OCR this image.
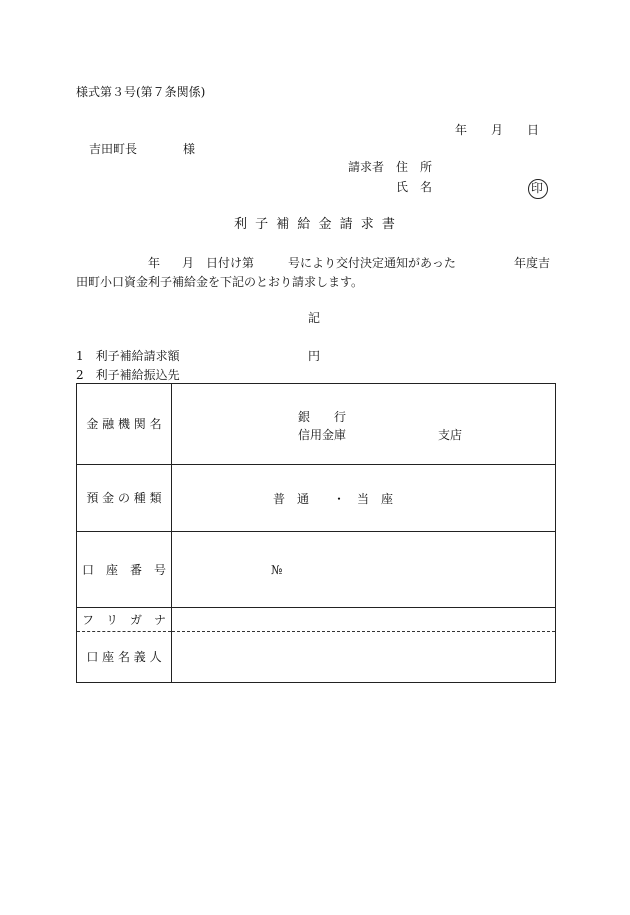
様式第３号(第７条関係)
年 月 日
吉田町長	様
請求者 住　所
氏　名	印
利 子 補 給 金 請 求 書
年 月 日付け第	号により交付決定通知があった	年度吉
田町小口資金利子補給金を下記のとおり請求します。
記
1　利子補給請求額	円
2　利子補給振込先
金 融 機 関 名	銀　　行
信用金庫 支店

預 金 の 種 類	普　通　　・　当　座

口　座　番　号	№

フ　リ　ガ　ナ	
口 座 名 義 人	
